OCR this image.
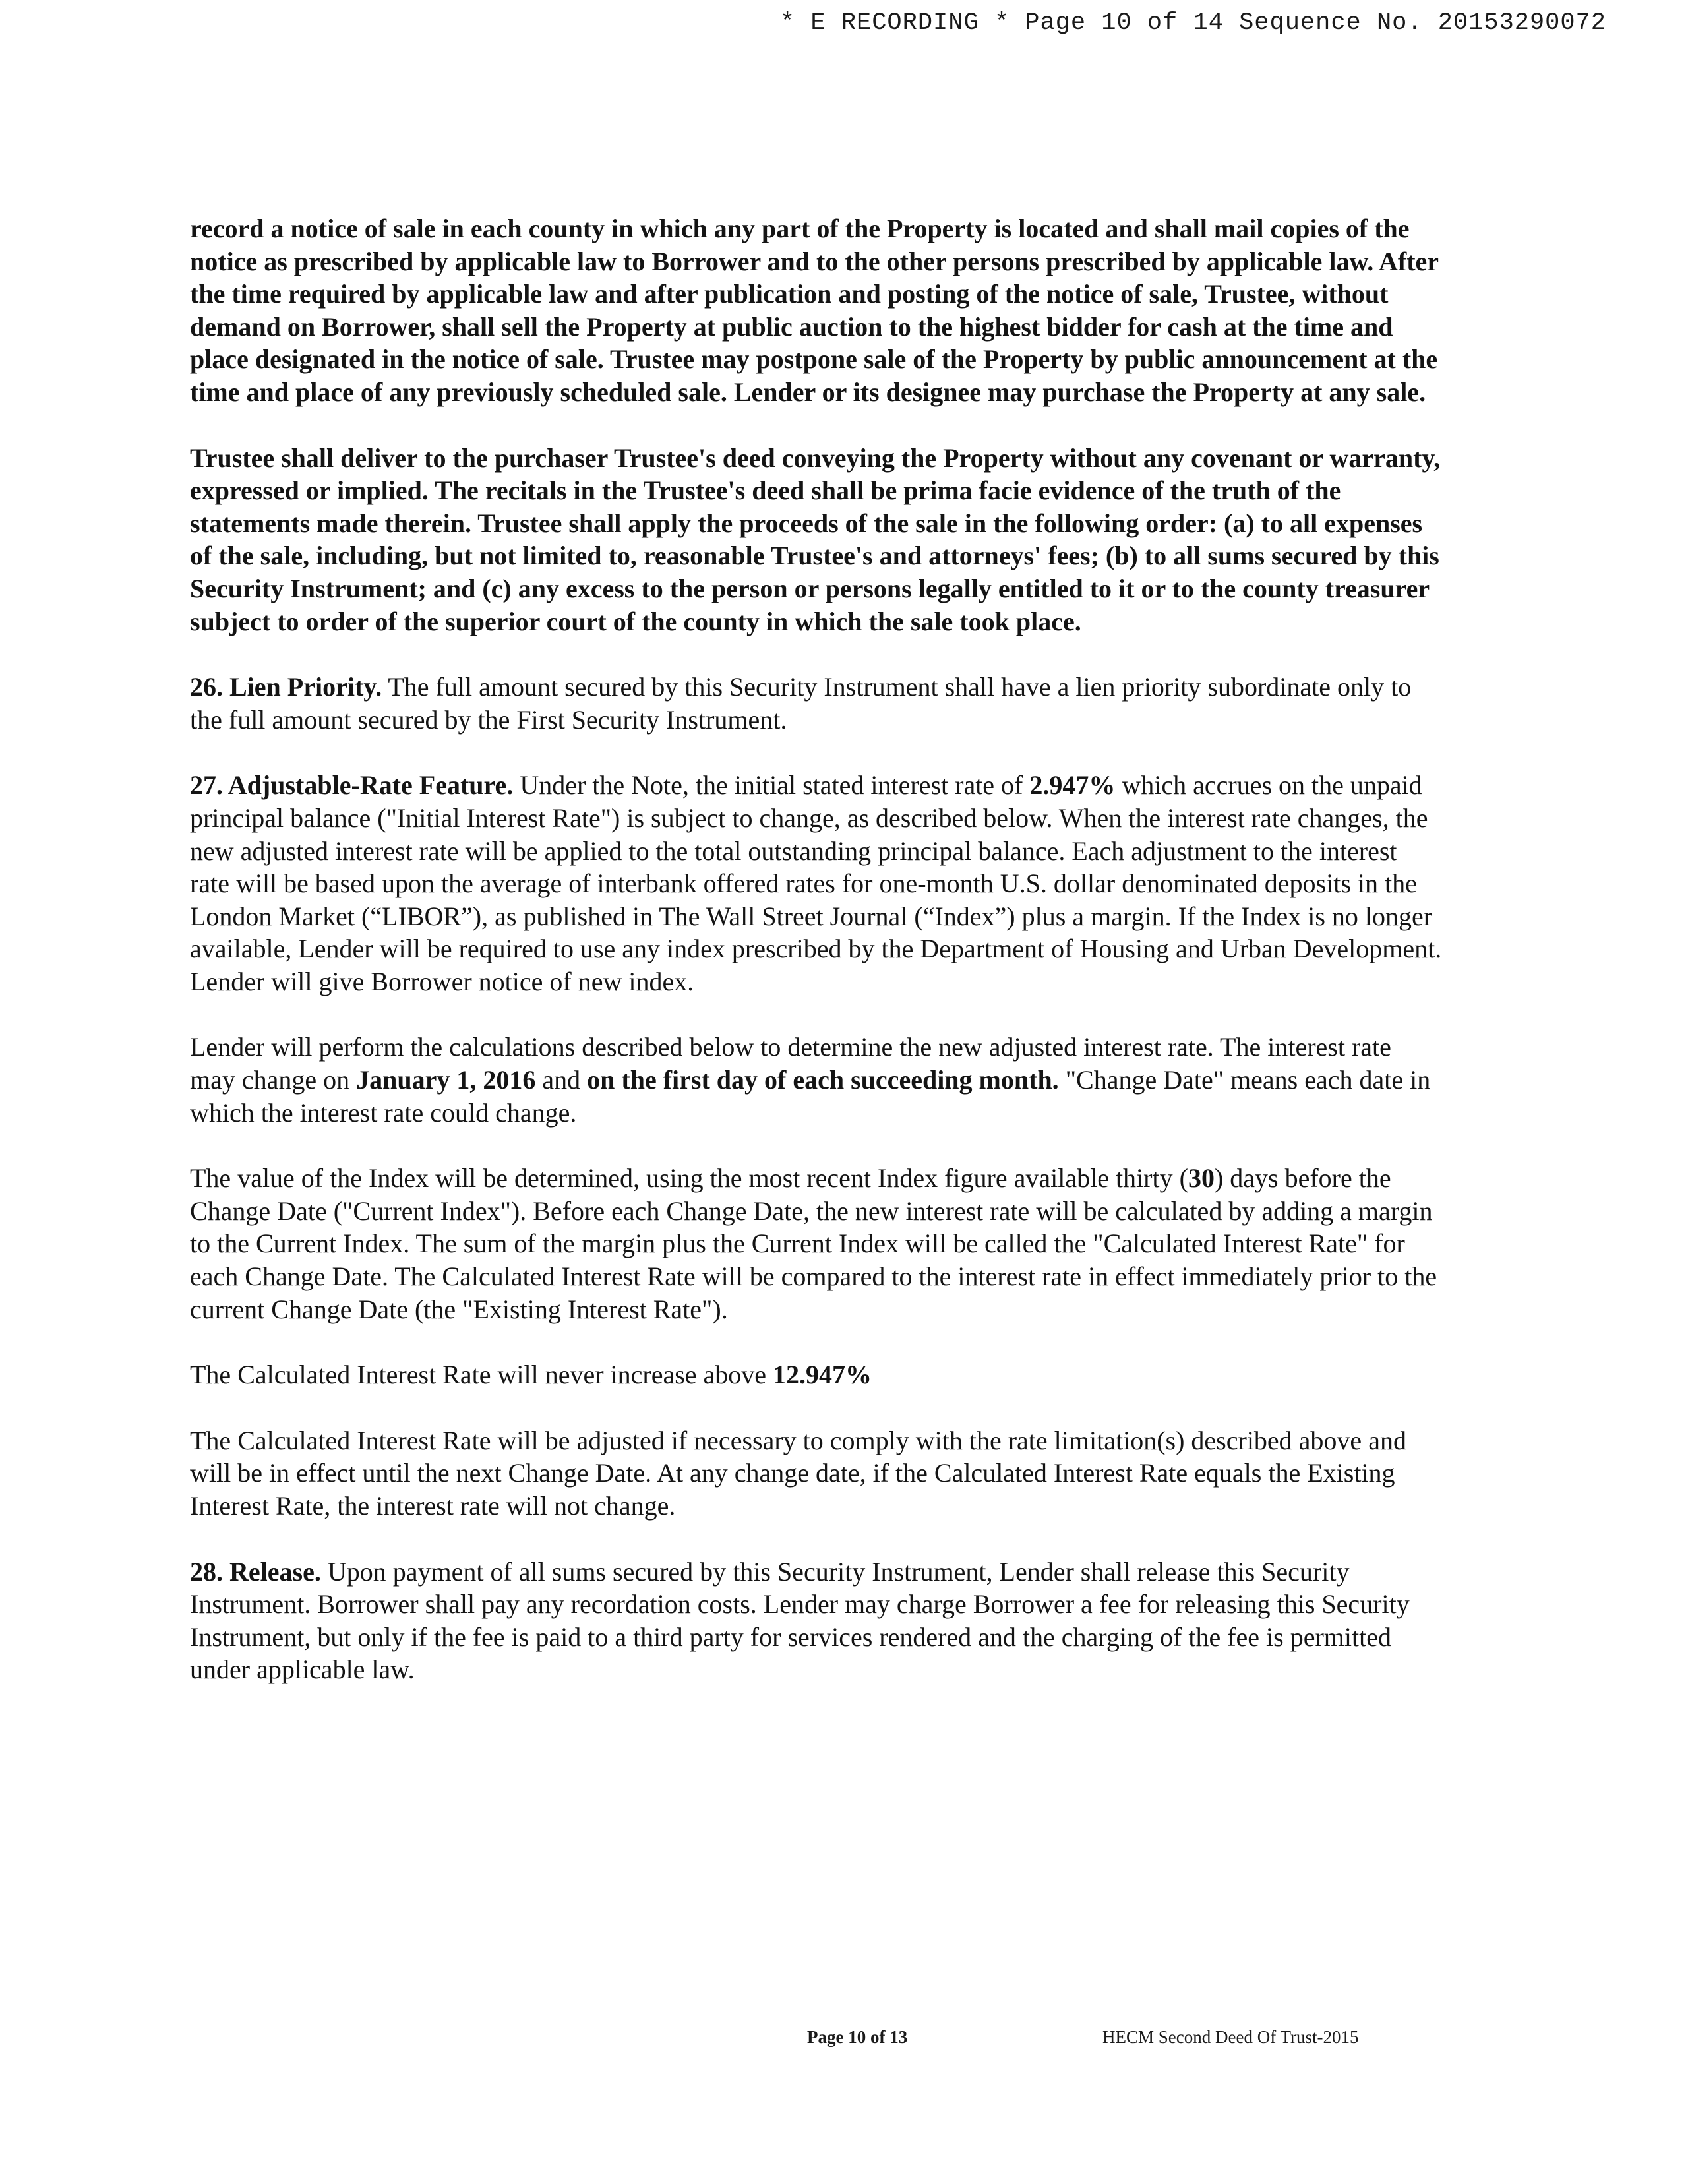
* E RECORDING * Page 10 of 14 Sequence No. 20153290072

record a notice of sale in each county in which any part of the Property is located and shall mail copies of the notice as prescribed by applicable law to Borrower and to the other persons prescribed by applicable law. After the time required by applicable law and after publication and posting of the notice of sale, Trustee, without demand on Borrower, shall sell the Property at public auction to the highest bidder for cash at the time and place designated in the notice of sale. Trustee may postpone sale of the Property by public announcement at the time and place of any previously scheduled sale. Lender or its designee may purchase the Property at any sale.

Trustee shall deliver to the purchaser Trustee's deed conveying the Property without any covenant or warranty, expressed or implied. The recitals in the Trustee's deed shall be prima facie evidence of the truth of the statements made therein. Trustee shall apply the proceeds of the sale in the following order: (a) to all expenses of the sale, including, but not limited to, reasonable Trustee's and attorneys' fees; (b) to all sums secured by this Security Instrument; and (c) any excess to the person or persons legally entitled to it or to the county treasurer subject to order of the superior court of the county in which the sale took place.

26. Lien Priority. The full amount secured by this Security Instrument shall have a lien priority subordinate only to the full amount secured by the First Security Instrument.

27. Adjustable-Rate Feature. Under the Note, the initial stated interest rate of 2.947% which accrues on the unpaid principal balance ("Initial Interest Rate") is subject to change, as described below. When the interest rate changes, the new adjusted interest rate will be applied to the total outstanding principal balance. Each adjustment to the interest rate will be based upon the average of interbank offered rates for one-month U.S. dollar denominated deposits in the London Market (“LIBOR”), as published in The Wall Street Journal (“Index”) plus a margin. If the Index is no longer available, Lender will be required to use any index prescribed by the Department of Housing and Urban Development. Lender will give Borrower notice of new index.

Lender will perform the calculations described below to determine the new adjusted interest rate. The interest rate may change on January 1, 2016 and on the first day of each succeeding month. "Change Date" means each date in which the interest rate could change.

The value of the Index will be determined, using the most recent Index figure available thirty (30) days before the Change Date ("Current Index"). Before each Change Date, the new interest rate will be calculated by adding a margin to the Current Index. The sum of the margin plus the Current Index will be called the "Calculated Interest Rate" for each Change Date. The Calculated Interest Rate will be compared to the interest rate in effect immediately prior to the current Change Date (the "Existing Interest Rate").

The Calculated Interest Rate will never increase above 12.947%

The Calculated Interest Rate will be adjusted if necessary to comply with the rate limitation(s) described above and will be in effect until the next Change Date. At any change date, if the Calculated Interest Rate equals the Existing Interest Rate, the interest rate will not change.

28. Release. Upon payment of all sums secured by this Security Instrument, Lender shall release this Security Instrument. Borrower shall pay any recordation costs. Lender may charge Borrower a fee for releasing this Security Instrument, but only if the fee is paid to a third party for services rendered and the charging of the fee is permitted under applicable law.

Page 10 of 13	HECM Second Deed Of Trust-2015
